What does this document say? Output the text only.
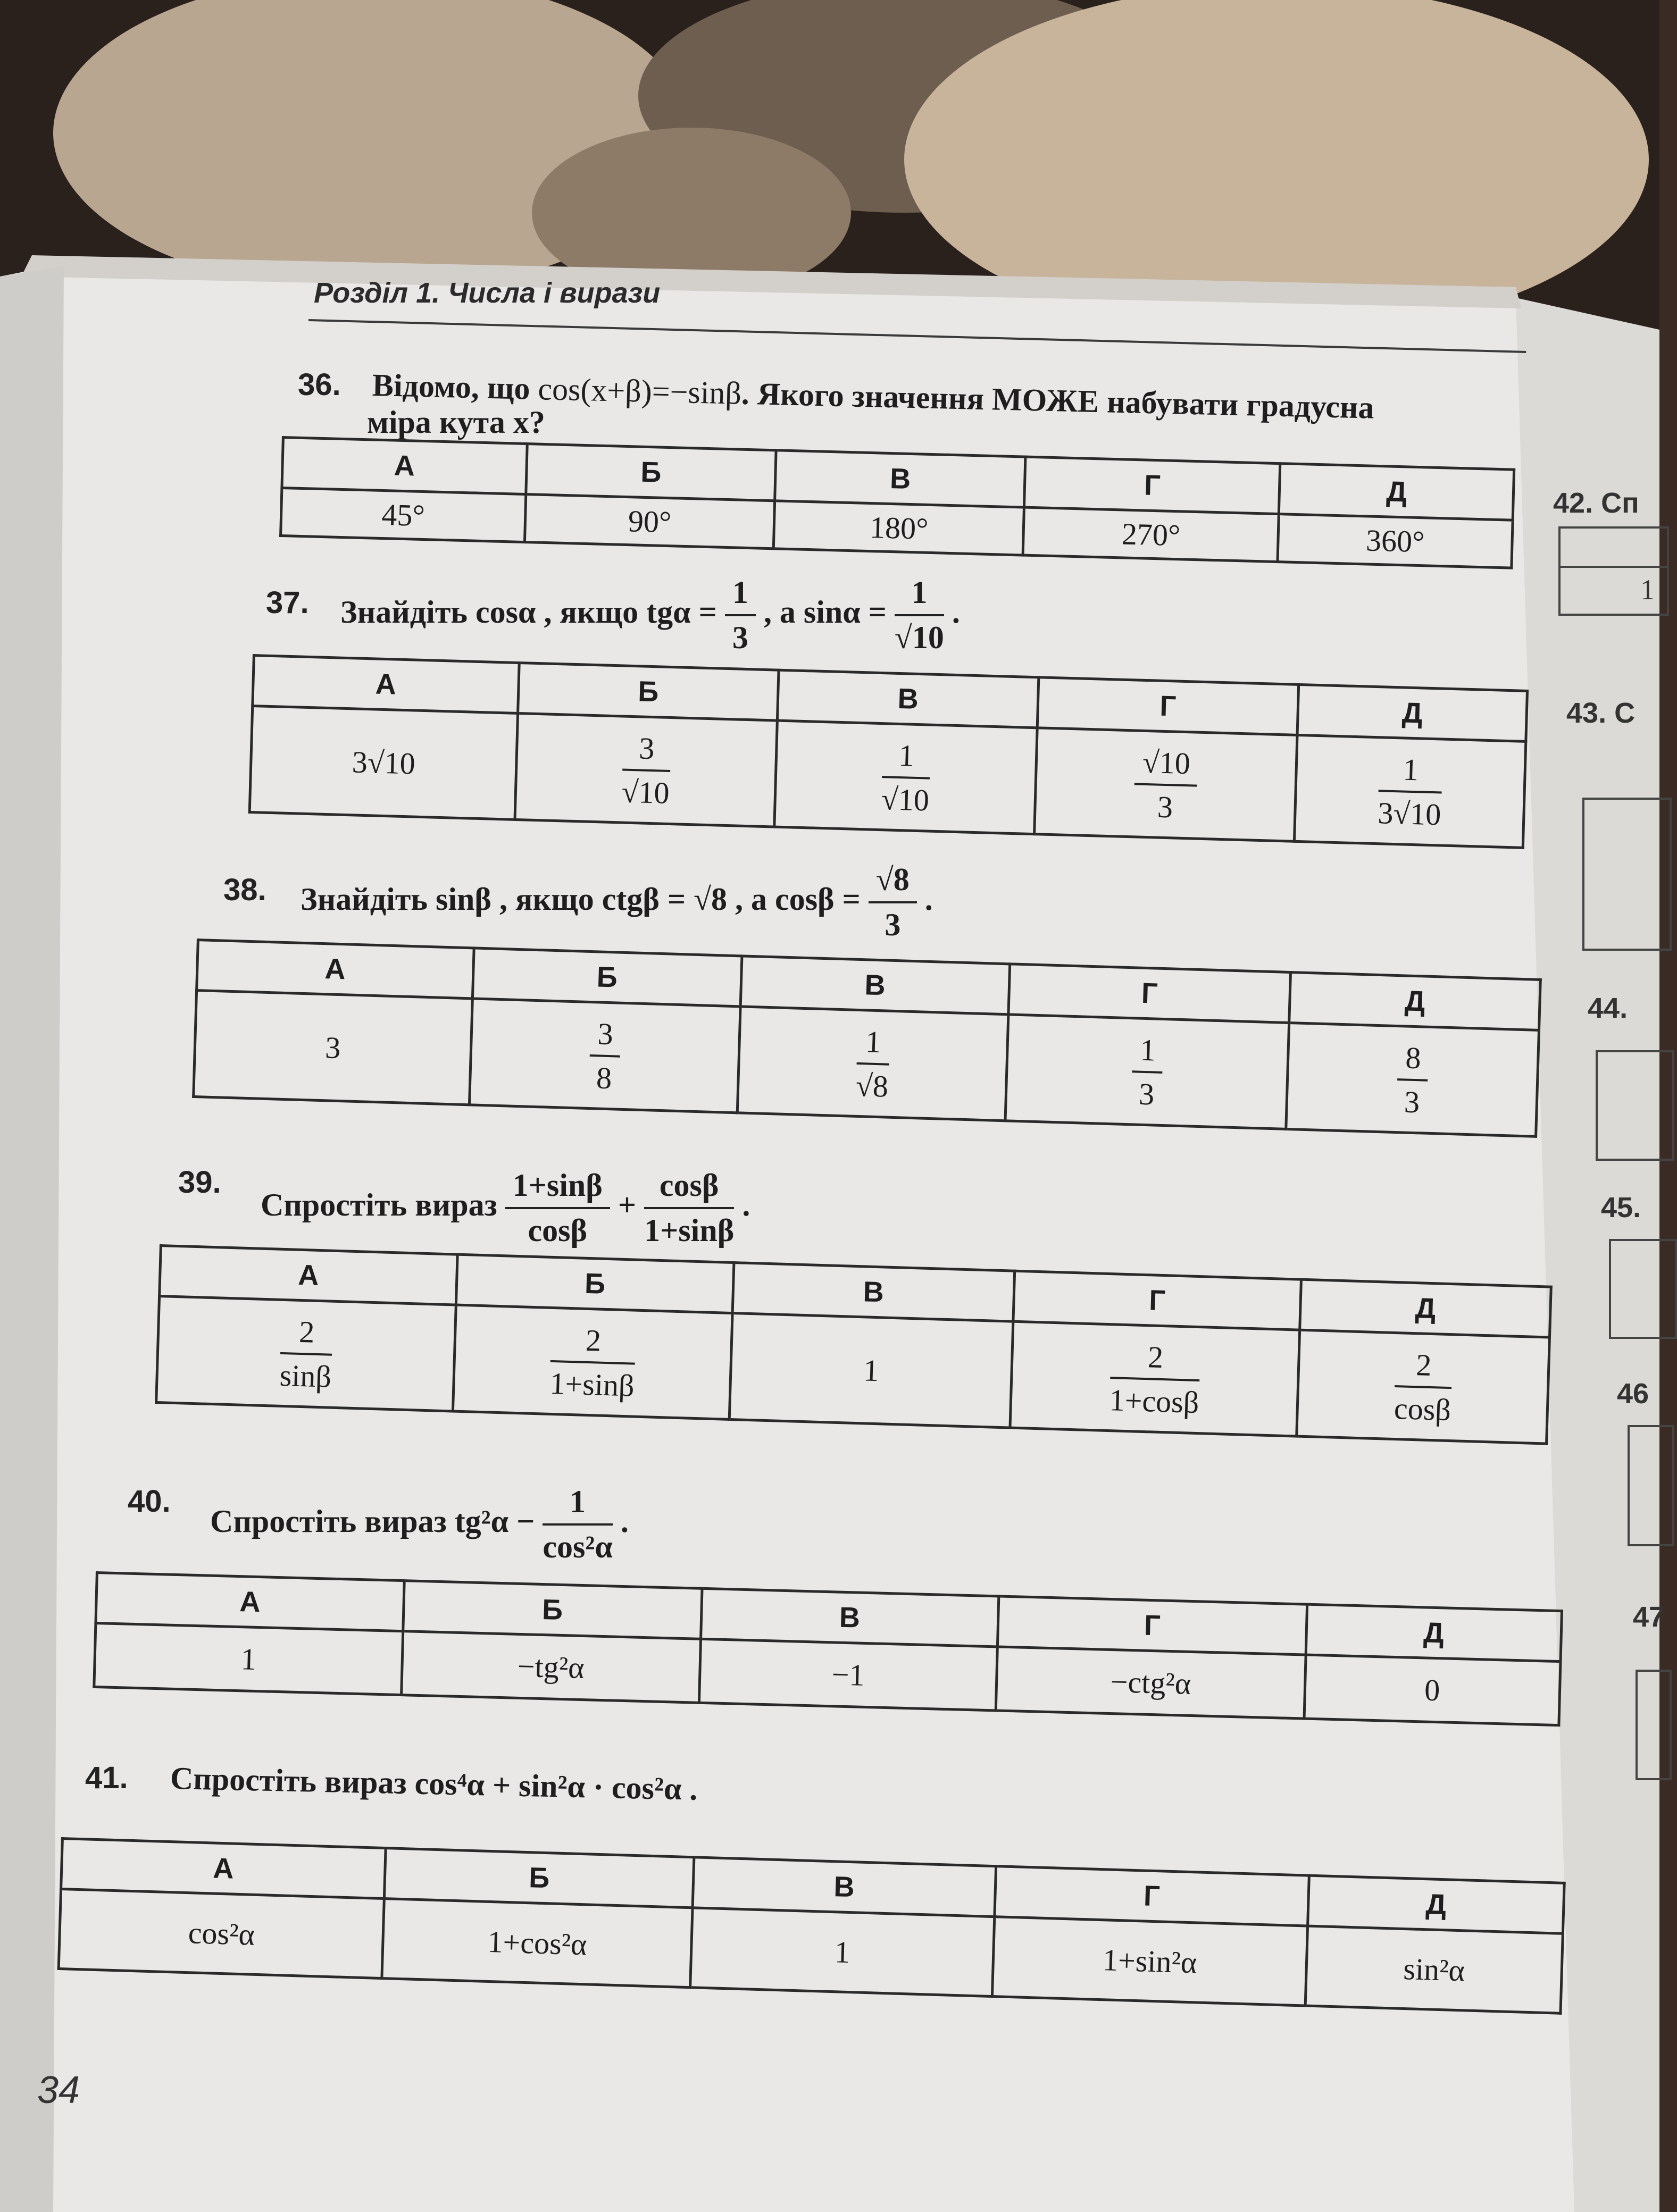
Розділ 1. Числа і вирази
36. Відомо, що cos(x+β)=−sinβ. Якого значення МОЖЕ набувати градусна
міра кута x?
А	Б	В	Г	Д
45°	90°	180°	270°	360°
37. Знайдіть cosα , якщо $tg\alpha = \frac{1}{3}$ , а $\sin\alpha = \frac{1}{√10}$ .
А	Б	В	Г	Д
3√10	$\frac{3}{√10}$	$\frac{1}{√10}$	$\frac{√10}{3}$	$\frac{1}{3√10}$
38. Знайдіть sinβ , якщо ctgβ = √8 , а $\cos\beta = \frac{√8}{3}$ .
А	Б	В	Г	Д
3	$\frac{3}{8}$	$\frac{1}{√8}$	$\frac{1}{3}$	$\frac{8}{3}$
39.
Спростіть вираз $\frac{1+\sin\beta}{\cos\beta} + \frac{\cos\beta}{1+\sin\beta}$ .
А	Б	В	Г	Д

$\frac{2}{\sin\beta}$	$\frac{2}{1+\sin\beta}$	1	$\frac{2}{1+\cos\beta}$	$\frac{2}{\cos\beta}$
40.
Спростіть вираз $tg^2\alpha - \frac{1}{\text{cos²α}}$ .
А	Б	В	Г	Д
1	−tg²α	−1	−ctg²α	0
41. Спростіть вираз cos⁴α + sin²α · cos²α .
А	Б	В	Г	Д
cos²α	1+cos²α	1	1+sin²α	sin²α
34
42. Сп
1
43. С
44.
45.
46
47
